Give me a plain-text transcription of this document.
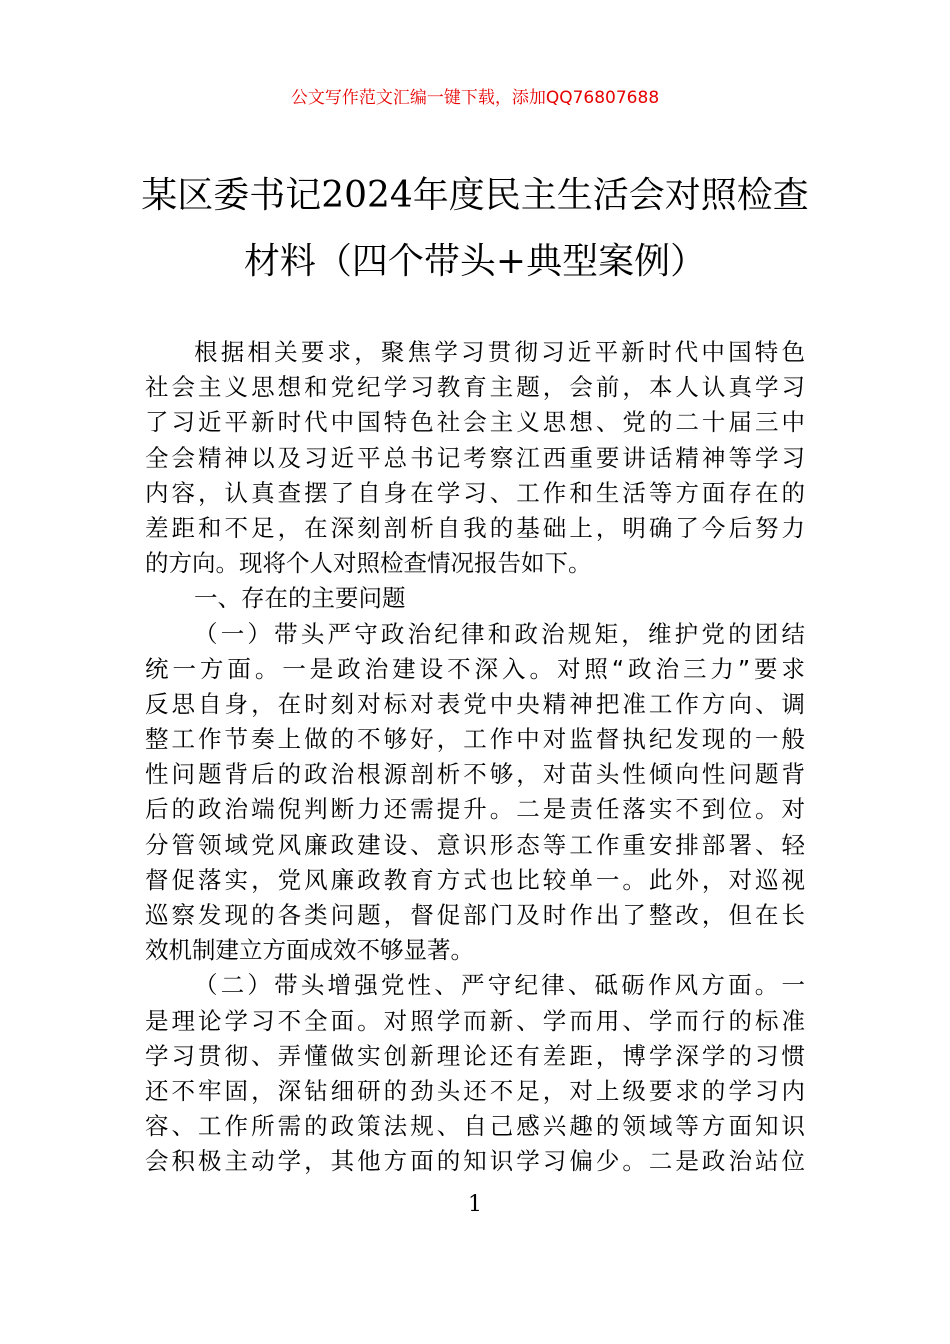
公文写作范文汇编一键下载，添加QQ76807688
某区委书记2024年度民主生活会对照检查
材料（四个带头+典型案例）
根据相关要求，聚焦学习贯彻习近平新时代中国特色
社会主义思想和党纪学习教育主题，会前，本人认真学习
了习近平新时代中国特色社会主义思想、党的二十届三中
全会精神以及习近平总书记考察江西重要讲话精神等学习
内容，认真查摆了自身在学习、工作和生活等方面存在的
差距和不足，在深刻剖析自我的基础上，明确了今后努力
的方向。现将个人对照检查情况报告如下。
一、存在的主要问题
（一）带头严守政治纪律和政治规矩，维护党的团结
统一方面。一是政治建设不深入。对照“政治三力”要求
反思自身，在时刻对标对表党中央精神把准工作方向、调
整工作节奏上做的不够好，工作中对监督执纪发现的一般
性问题背后的政治根源剖析不够，对苗头性倾向性问题背
后的政治端倪判断力还需提升。二是责任落实不到位。对
分管领域党风廉政建设、意识形态等工作重安排部署、轻
督促落实，党风廉政教育方式也比较单一。此外，对巡视
巡察发现的各类问题，督促部门及时作出了整改，但在长
效机制建立方面成效不够显著。
（二）带头增强党性、严守纪律、砥砺作风方面。一
是理论学习不全面。对照学而新、学而用、学而行的标准
学习贯彻、弄懂做实创新理论还有差距，博学深学的习惯
还不牢固，深钻细研的劲头还不足，对上级要求的学习内
容、工作所需的政策法规、自己感兴趣的领域等方面知识
会积极主动学，其他方面的知识学习偏少。二是政治站位
1
